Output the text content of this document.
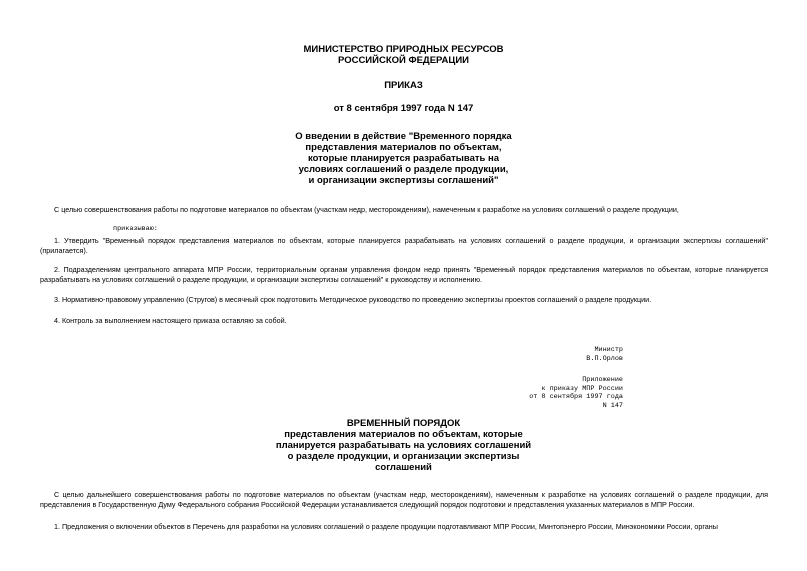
МИНИСТЕРСТВО ПРИРОДНЫХ РЕСУРСОВ
РОССИЙСКОЙ ФЕДЕРАЦИИ
ПРИКАЗ
от 8 сентября 1997 года N 147
О введении в действие "Временного порядка
представления материалов по объектам,
которые планируется разрабатывать на
условиях соглашений о разделе продукции,
и организации экспертизы соглашений"
С целью совершенствования работы по подготовке материалов по объектам (участкам недр, месторождениям), намеченным к разработке на условиях соглашений о разделе продукции,
приказываю:
1. Утвердить "Временный порядок представления материалов по объектам, которые планируется разрабатывать на условиях соглашений о разделе продукции, и организации экспертизы соглашений" (прилагается).
2. Подразделениям центрального аппарата МПР России, территориальным органам управления фондом недр принять "Временный порядок представления материалов по объектам, которые планируется разрабатывать на условиях соглашений о разделе продукции, и организации экспертизы соглашений" к руководству и исполнению.
3. Нормативно-правовому управлению (Стругов) в месячный срок подготовить Методическое руководство по проведению экспертизы проектов соглашений о разделе продукции.
4. Контроль за выполнением настоящего приказа оставляю за собой.
Министр
В.П.Орлов
Приложение
к приказу МПР России
от 8 сентября 1997 года
N 147
ВРЕМЕННЫЙ ПОРЯДОК
представления материалов по объектам, которые
планируется разрабатывать на условиях соглашений
о разделе продукции, и организации экспертизы
соглашений
С целью дальнейшего совершенствования работы по подготовке материалов по объектам (участкам недр, месторождениям), намеченным к разработке на условиях соглашений о разделе продукции, для представления в Государственную Думу Федерального собрания Российской Федерации устанавливается следующий порядок подготовки и представления указанных материалов в МПР России.
1. Предложения о включении объектов в Перечень для разработки на условиях соглашений о разделе продукции подготавливают МПР России, Минтопэнерго России, Минэкономики России, органы
